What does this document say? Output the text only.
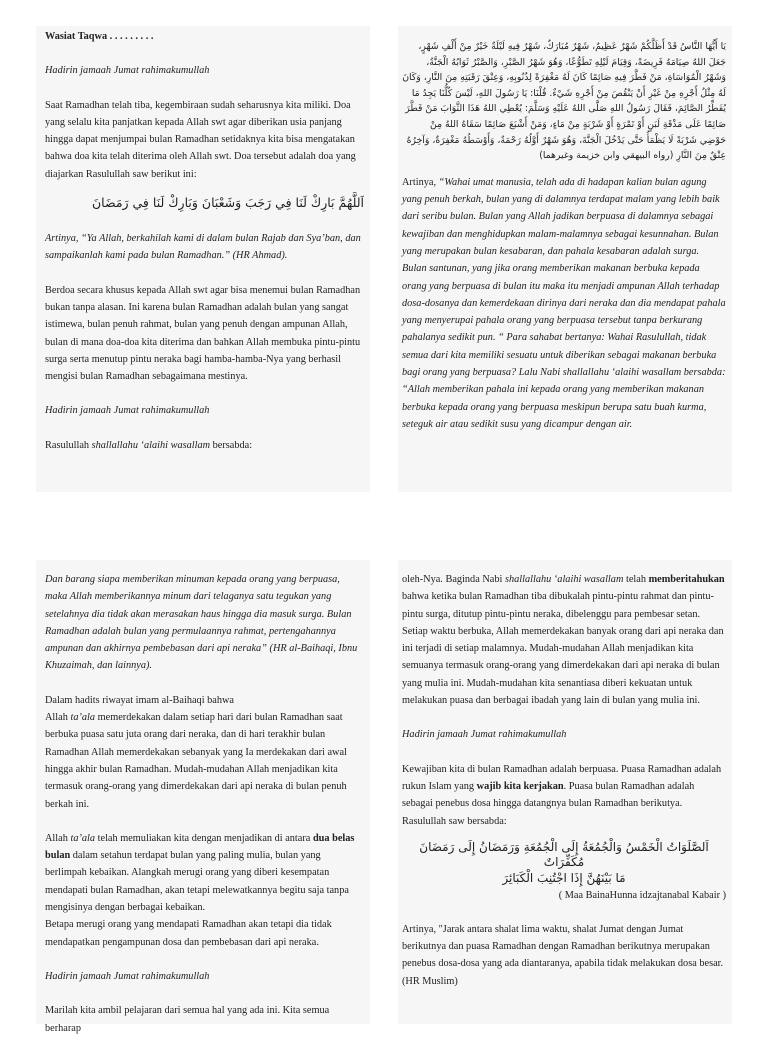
Wasiat Taqwa . . . . . . . . .

Hadirin jamaah Jumat rahimakumullah

Saat Ramadhan telah tiba, kegembiraan sudah seharusnya kita miliki. Doa yang selalu kita panjatkan kepada Allah swt agar diberikan usia panjang hingga dapat menjumpai bulan Ramadhan setidaknya kita bisa mengatakan bahwa doa kita telah diterima oleh Allah swt. Doa tersebut adalah doa yang diajarkan Rasulullah saw berikut ini:

اَللَّهُمَّ بَارِكْ لَنَا فِي رَجَبَ وَشَعْبَانَ وَبَارِكْ لَنَا فِي رَمَضَانَ

Artinya, “Ya Allah, berkahilah kami di dalam bulan Rajab dan Sya’ban, dan sampaikanlah kami pada bulan Ramadhan.” (HR Ahmad).

Berdoa secara khusus kepada Allah swt agar bisa menemui bulan Ramadhan bukan tanpa alasan. Ini karena bulan Ramadhan adalah bulan yang sangat istimewa, bulan penuh rahmat, bulan yang penuh dengan ampunan Allah, bulan di mana doa-doa kita diterima dan bahkan Allah membuka pintu-pintu surga serta menutup pintu neraka bagi hamba-hamba-Nya yang berhasil mengisi bulan Ramadhan sebagaimana mestinya.

Hadirin jamaah Jumat rahimakumullah

Rasulullah shallallahu ‘alaihi wasallam bersabda:

يَا أَيُّهَا النَّاسُ قَدْ أَظَلَّكُمْ شَهْرٌ عَظِيمٌ، شَهْرٌ مُبَارَكٌ، شَهْرٌ فِيهِ لَيْلَةٌ خَيْرٌ مِنْ أَلْفِ شَهْرٍ، جَعَلَ اللهُ صِيَامَهُ فَرِيضَةً، وَقِيَامَ لَيْلِهِ تَطَوُّعًا، وَهُوَ شَهْرُ الصَّبْرِ، وَالصَّبْرُ ثَوَابُهُ الْجَنَّةُ، وَشَهْرُ الْمُوَاسَاةِ، مَنْ فَطَّرَ فِيهِ صَائِمًا كَانَ لَهُ مَغْفِرَةً لِذُنُوبِهِ، وَعِتْقَ رَقَبَتِهِ مِنَ النَّارِ، وَكَانَ لَهُ مِثْلُ أَجْرِهِ مِنْ غَيْرِ أَنْ يَنْقُصَ مِنْ أَجْرِهِ شَيْءٌ. قُلْنَا: يَا رَسُولَ اللهِ، لَيْسَ كُلُّنَا يَجِدُ مَا يُفَطِّرُ الصَّائِمَ، فَقَالَ رَسُولُ اللهِ صَلَّى اللهُ عَلَيْهِ وَسَلَّمَ: يُعْطِي اللهُ هَذَا الثَّوَابَ مَنْ فَطَّرَ صَائِمًا عَلَى مَذْقَةِ لَبَنٍ أَوْ تَمْرَةٍ أَوْ شَرْبَةٍ مِنْ مَاءٍ، وَمَنْ أَشْبَعَ صَائِمًا سَقَاهُ اللهُ مِنْ حَوْضِي شَرْبَةً لَا يَظْمَأُ حَتَّى يَدْخُلَ الْجَنَّةَ، وَهُوَ شَهْرٌ أَوَّلُهُ رَحْمَةٌ، وَأَوْسَطُهُ مَغْفِرَةٌ، وَآخِرُهُ عِتْقٌ مِنَ النَّارِ (رواه البيهقي وابن خزيمة وغيرهما)

Artinya, “Wahai umat manusia, telah ada di hadapan kalian bulan agung yang penuh berkah, bulan yang di dalamnya terdapat malam yang lebih baik dari seribu bulan. Bulan yang Allah jadikan berpuasa di dalamnya sebagai kewajiban dan menghidupkan malam-malamnya sebagai kesunnahan. Bulan yang merupakan bulan kesabaran, dan pahala kesabaran adalah surga. Bulan santunan, yang jika orang memberikan makanan berbuka kepada orang yang berpuasa di bulan itu maka itu menjadi ampunan Allah terhadap dosa-dosanya dan kemerdekaan dirinya dari neraka dan dia mendapat pahala yang menyerupai pahala orang yang berpuasa tersebut tanpa berkurang pahalanya sedikit pun. “ Para sahabat bertanya: Wahai Rasulullah, tidak semua dari kita memiliki sesuatu untuk diberikan sebagai makanan berbuka bagi orang yang berpuasa? Lalu Nabi shallallahu ‘alaihi wasallam bersabda: “Allah memberikan pahala ini kepada orang yang memberikan makanan berbuka kepada orang yang berpuasa meskipun berupa satu buah kurma, seteguk air atau sedikit susu yang dicampur dengan air.

Dan barang siapa memberikan minuman kepada orang yang berpuasa, maka Allah memberikannya minum dari telaganya satu tegukan yang setelahnya dia tidak akan merasakan haus hingga dia masuk surga. Bulan Ramadhan adalah bulan yang permulaannya rahmat, pertengahannya ampunan dan akhirnya pembebasan dari api neraka” (HR al-Baihaqi, Ibnu Khuzaimah, dan lainnya).

Dalam hadits riwayat imam al-Baihaqi bahwa

Allah ta’ala memerdekakan dalam setiap hari dari bulan Ramadhan saat berbuka puasa satu juta orang dari neraka, dan di hari terakhir bulan Ramadhan Allah memerdekakan sebanyak yang Ia merdekakan dari awal hingga akhir bulan Ramadhan. Mudah-mudahan Allah menjadikan kita termasuk orang-orang yang dimerdekakan dari api neraka di bulan penuh berkah ini.

Allah ta’ala telah memuliakan kita dengan menjadikan di antara dua belas bulan dalam setahun terdapat bulan yang paling mulia, bulan yang berlimpah kebaikan. Alangkah merugi orang yang diberi kesempatan mendapati bulan Ramadhan, akan tetapi melewatkannya begitu saja tanpa mengisinya dengan berbagai kebaikan.

Betapa merugi orang yang mendapati Ramadhan akan tetapi dia tidak mendapatkan pengampunan dosa dan pembebasan dari api neraka.

Hadirin jamaah Jumat rahimakumullah

Marilah kita ambil pelajaran dari semua hal yang ada ini. Kita semua berharap

oleh-Nya. Baginda Nabi shallallahu ‘alaihi wasallam telah memberitahukan bahwa ketika bulan Ramadhan tiba dibukalah pintu-pintu rahmat dan pintu-pintu surga, ditutup pintu-pintu neraka, dibelenggu para pembesar setan. Setiap waktu berbuka, Allah memerdekakan banyak orang dari api neraka dan ini terjadi di setiap malamnya. Mudah-mudahan Allah menjadikan kita semuanya termasuk orang-orang yang dimerdekakan dari api neraka di bulan yang mulia ini. Mudah-mudahan kita senantiasa diberi kekuatan untuk melakukan puasa dan berbagai ibadah yang lain di bulan yang mulia ini.

Hadirin jamaah Jumat rahimakumullah

Kewajiban kita di bulan Ramadhan adalah berpuasa. Puasa Ramadhan adalah rukun Islam yang wajib kita kerjakan. Puasa bulan Ramadhan adalah sebagai penebus dosa hingga datangnya bulan Ramadhan berikutya. Rasulullah saw bersabda:

اَلصَّلَوَاتُ الْخَمْسُ وَالْجُمُعَةُ إِلَى الْجُمُعَةِ وَرَمَضَانُ إِلَى رَمَضَانَ مُكَفِّرَاتٌ

مَا بَيْنَهُنَّ إِذَا اجْتُنِبَ الْكَبَائِرَ

( Maa BainaHunna idzajtanabal Kabair )

Artinya, "Jarak antara shalat lima waktu, shalat Jumat dengan Jumat berikutnya dan puasa Ramadhan dengan Ramadhan berikutnya merupakan penebus dosa-dosa yang ada diantaranya, apabila tidak melakukan dosa besar. (HR Muslim)
